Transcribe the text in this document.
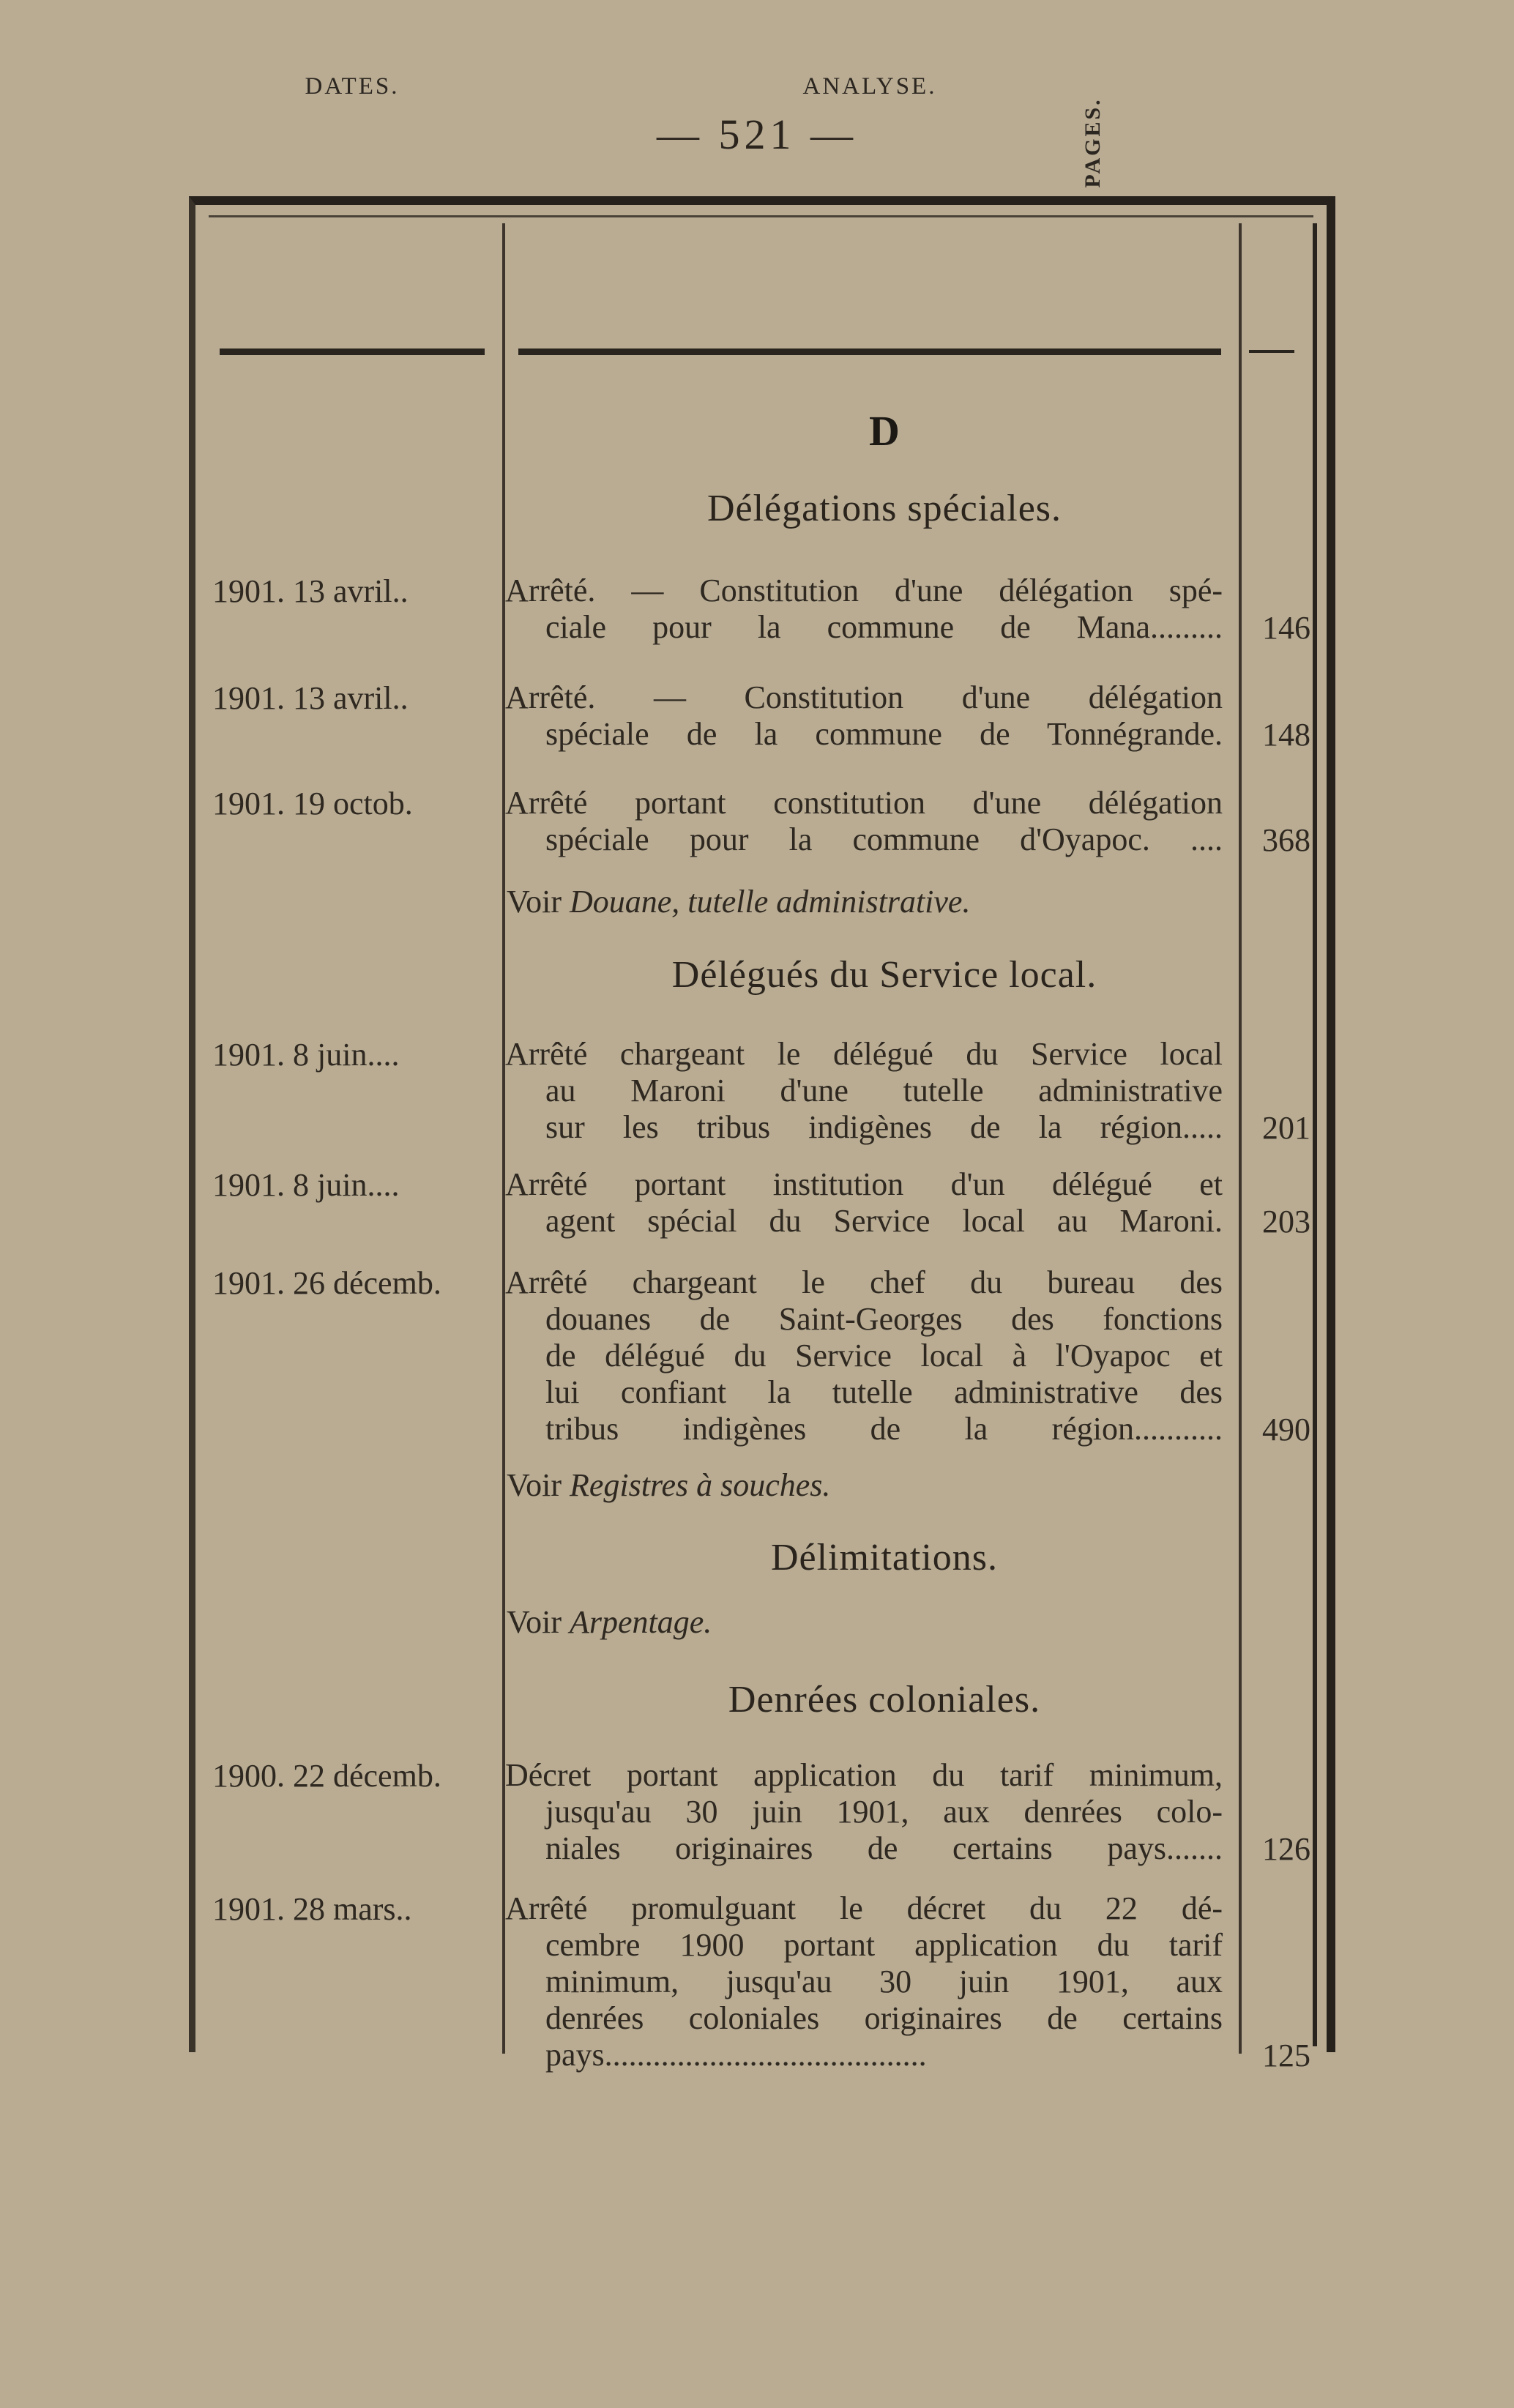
— 521 —
DATES.	ANALYSE.
PAGES.
D
Délégations spéciales.
1901. 13 avril..	Arrêté. — Constitution d'une délégation spé-
ciale pour la commune de Mana.........	146
1901. 13 avril..	Arrêté. — Constitution d'une délégation
spéciale de la commune de Tonnégrande.	148
1901. 19 octob.	Arrêté portant constitution d'une délégation
spéciale pour la commune d'Oyapoc. ....	368
Voir Douane, tutelle administrative.
Délégués du Service local.
1901. 8 juin....	Arrêté chargeant le délégué du Service local
au Maroni d'une tutelle administrative
sur les tribus indigènes de la région.....	201
1901. 8 juin....	Arrêté portant institution d'un délégué et
agent spécial du Service local au Maroni.	203
1901. 26 décemb.	Arrêté chargeant le chef du bureau des
douanes de Saint-Georges des fonctions
de délégué du Service local à l'Oyapoc et
lui confiant la tutelle administrative des
tribus indigènes de la région...........	490
Voir Registres à souches.
Délimitations.
Voir Arpentage.
Denrées coloniales.
1900. 22 décemb.	Décret portant application du tarif minimum,
jusqu'au 30 juin 1901, aux denrées colo-
niales originaires de certains pays.......	126
1901. 28 mars..	Arrêté promulguant le décret du 22 dé-
cembre 1900 portant application du tarif
minimum, jusqu'au 30 juin 1901, aux
denrées coloniales originaires de certains
pays........................................	125
